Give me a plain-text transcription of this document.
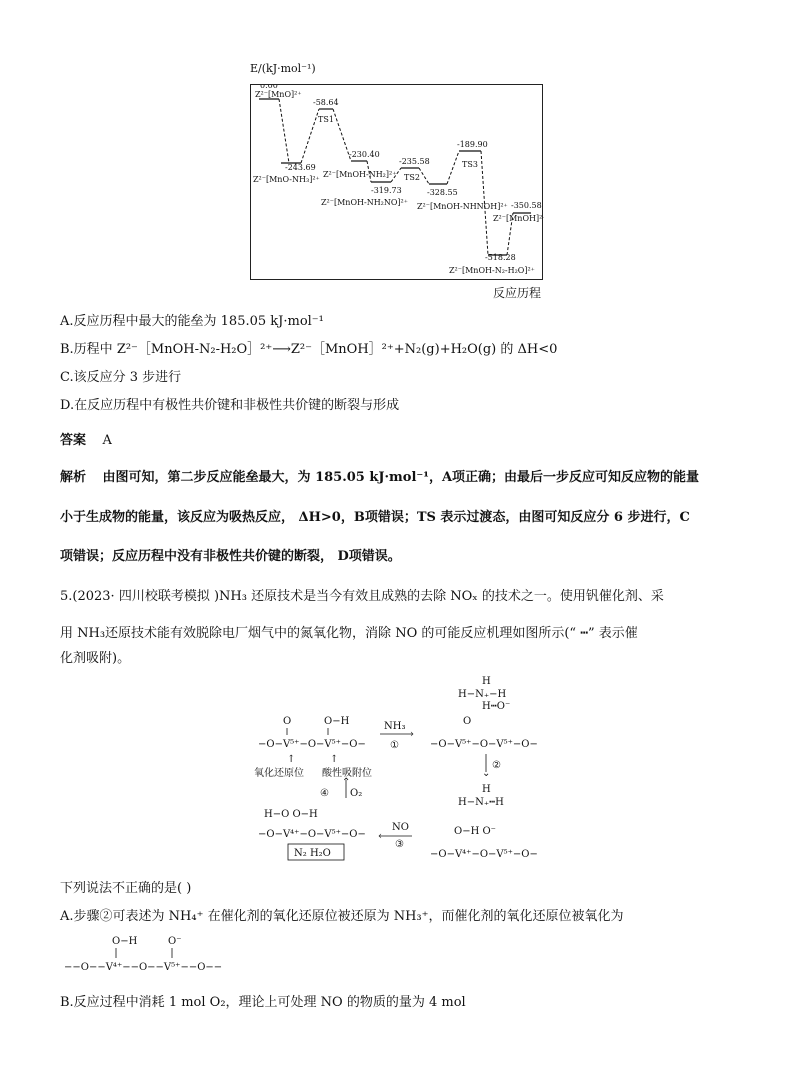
E/(kJ·mol⁻¹)
0.00
Z²⁻[MnO]²⁺
-58.64
TS1
-243.69
Z²⁻[MnO-NH₃]²⁺
-230.40
Z²⁻[MnOH-NH₂]²⁺
-319.73
Z²⁻[MnOH-NH₂NO]²⁺
-235.58
TS2
-328.55
Z²⁻[MnOH-NHNOH]²⁺
-189.90
TS3
-518.28
Z²⁻[MnOH-N₂-H₂O]²⁺
-350.58
Z²⁻[MnOH]²⁺
反应历程
A.反应历程中最大的能垒为 185.05 kJ·mol⁻¹
B.历程中 Z²⁻［MnOH-N₂-H₂O］²⁺⟶Z²⁻［MnOH］²⁺+N₂(g)+H₂O(g) 的 ΔH<0
C.该反应分 3 步进行
D.在反应历程中有极性共价键和非极性共价键的断裂与形成
答案 A
解析 由图可知，第二步反应能垒最大，为 185.05 kJ·mol⁻¹，A项正确；由最后一步反应可知反应物的能量
小于生成物的能量，该反应为吸热反应， ΔH>0，B项错误；TS 表示过渡态，由图可知反应分 6 步进行，C
项错误；反应历程中没有非极性共价键的断裂， D项错误。
5.(2023· 四川校联考模拟 )NH₃ 还原技术是当今有效且成熟的去除 NOₓ 的技术之一。使用钒催化剂、采
用 NH₃还原技术能有效脱除电厂烟气中的氮氧化物，消除 NO 的可能反应机理如图所示(“ ┅” 表示催
化剂吸附)。
O
−O−V⁵⁺−O−V⁵⁺−O−
O−H
↑	↑
氧化还原位 酸性吸附位
›
NH₃
①
H
H−N₊−H
H┅O⁻
O
−O−V⁵⁺−O−V⁵⁺−O−
⌄
②
H
H−N₊┅H
O−H O⁻
−O−V⁴⁺−O−V⁵⁺−O−
‹
NO
③
⌃
④ O₂
H−O O−H
−O−V⁴⁺−O−V⁵⁺−O−
N₂ H₂O
下列说法不正确的是( )
A.步骤②可表述为 NH₄⁺ 在催化剂的氧化还原位被还原为 NH₃⁺，而催化剂的氧化还原位被氧化为
O−H	O⁻
−−O−−V⁴⁺−−O−−V⁵⁺−−O−−
B.反应过程中消耗 1 mol O₂，理论上可处理 NO 的物质的量为 4 mol
